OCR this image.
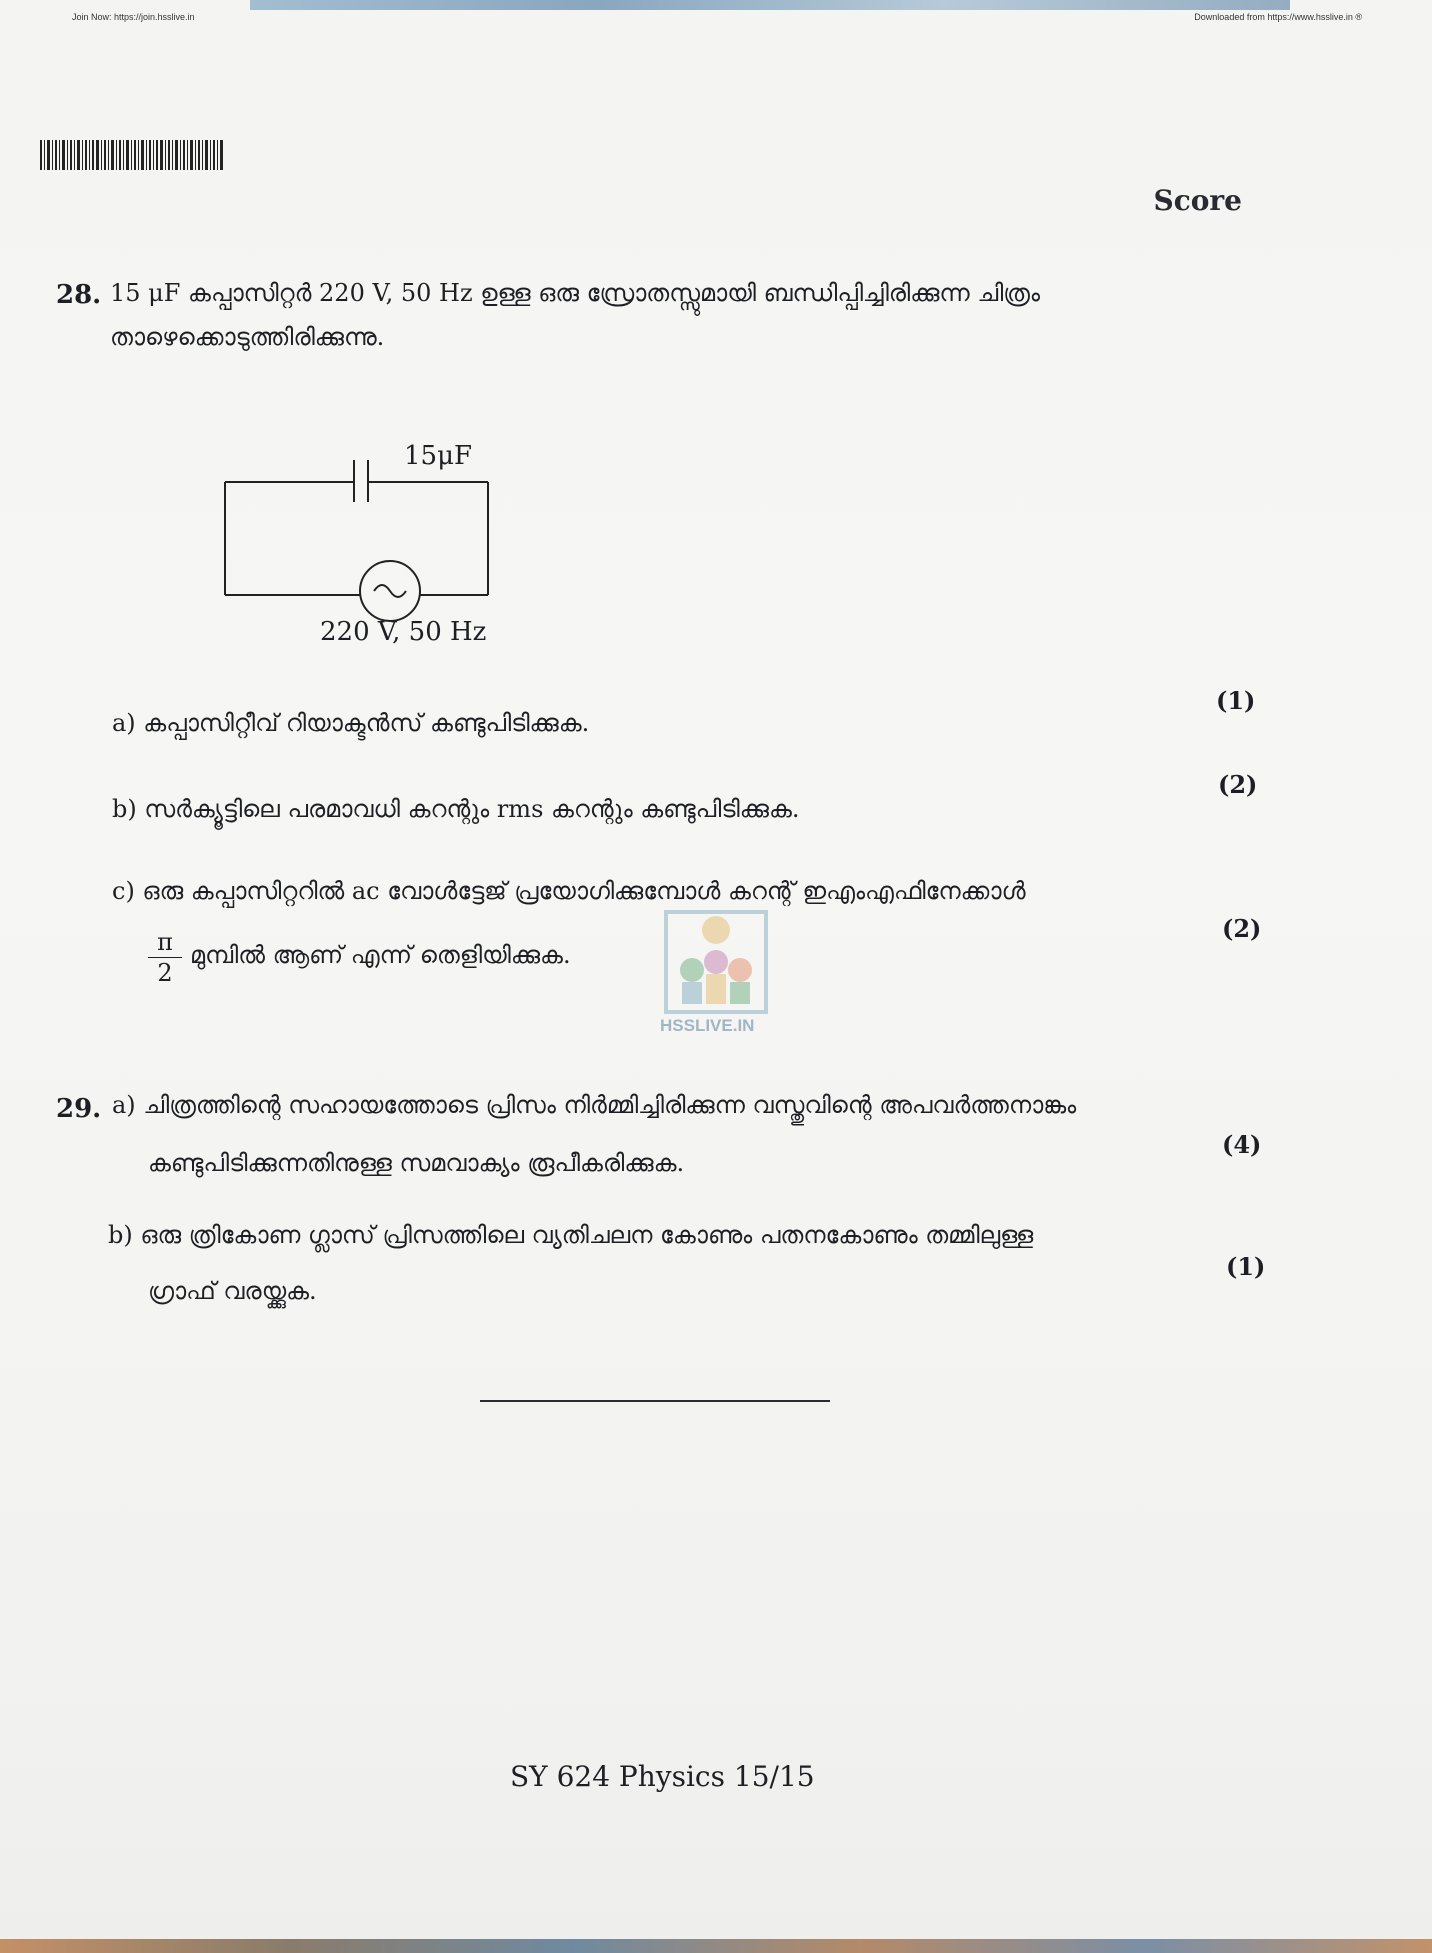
Join Now: https://join.hsslive.in	Downloaded from https://www.hsslive.in ®
Score
28. 15 μF കപ്പാസിറ്റർ 220 V, 50 Hz ഉള്ള ഒരു സ്രോതസ്സുമായി ബന്ധിപ്പിച്ചിരിക്കുന്ന ചിത്രം
താഴെക്കൊടുത്തിരിക്കുന്നു.
15μF
220 V, 50 Hz
a) കപ്പാസിറ്റീവ് റിയാക്ടൻസ് കണ്ടുപിടിക്കുക.
(1)
b) സർക്യൂട്ടിലെ പരമാവധി കറന്റും rms കറന്റും കണ്ടുപിടിക്കുക.
(2)
c) ഒരു കപ്പാസിറ്ററിൽ ac വോൾട്ടേജ് പ്രയോഗിക്കുമ്പോൾ കറന്റ് ഇഎംഎഫിനേക്കാൾ
$\frac{\pi}{2}$ മുമ്പിൽ ആണ് എന്ന് തെളിയിക്കുക.
(2)
HSSLIVE.IN
29. a) ചിത്രത്തിന്റെ സഹായത്തോടെ പ്രിസം നിർമ്മിച്ചിരിക്കുന്ന വസ്തുവിന്റെ അപവർത്തനാങ്കം
കണ്ടുപിടിക്കുന്നതിനുള്ള സമവാക്യം രൂപീകരിക്കുക.
(4)
b) ഒരു ത്രികോണ ഗ്ലാസ് പ്രിസത്തിലെ വ്യതിചലന കോണും പതനകോണും തമ്മിലുള്ള
ഗ്രാഫ് വരയ്ക്കുക.
(1)
SY 624 Physics 15/15
